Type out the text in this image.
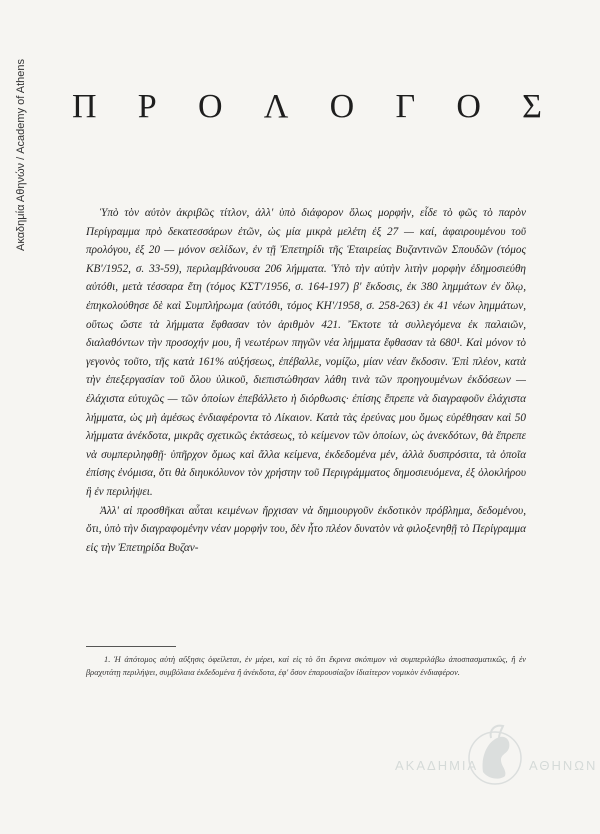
Ακαδημία Αθηνών / Academy of Athens Π Ρ Ο Λ Ο Γ Ο Σ

Ὑπὸ τὸν αὐτὸν ἀκριβῶς τίτλον, ἀλλ' ὑπὸ διάφορον ὅλως μορφήν, εἶδε τὸ φῶς τὸ παρὸν Περίγραμμα πρὸ δεκατεσσάρων ἐτῶν, ὡς μία μικρὰ μελέτη ἐξ 27 — καί, ἀφαιρουμένου τοῦ προλόγου, ἐξ 20 — μόνον σελίδων, ἐν τῇ Ἐπετηρίδι τῆς Ἑταιρείας Βυζαντινῶν Σπουδῶν (τόμος ΚΒ'/1952, σ. 33-59), περιλαμβάνουσα 206 λήμματα. Ὑπὸ τὴν αὐτὴν λιτὴν μορφὴν ἐδημοσιεύθη αὐτόθι, μετὰ τέσσαρα ἔτη (τόμος ΚΣΤ'/1956, σ. 164-197) β' ἔκδοσις, ἐκ 380 λημμάτων ἐν ὅλῳ, ἐπηκολούθησε δὲ καὶ Συμπλήρωμα (αὐτόθι, τόμος ΚΗ'/1958, σ. 258-263) ἐκ 41 νέων λημμάτων, οὕτως ὥστε τὰ λήμματα ἔφθασαν τὸν ἀριθμὸν 421. Ἔκτοτε τὰ συλλεγόμενα ἐκ παλαιῶν, διαλαθόντων τὴν προσοχήν μου, ἢ νεωτέρων πηγῶν νέα λήμματα ἔφθασαν τὰ 680¹. Καὶ μόνον τὸ γεγονὸς τοῦτο, τῆς κατὰ 161% αὐξήσεως, ἐπέβαλλε, νομίζω, μίαν νέαν ἔκδοσιν. Ἐπὶ πλέον, κατὰ τὴν ἐπεξεργασίαν τοῦ ὅλου ὑλικοῦ, διεπιστώθησαν λάθη τινὰ τῶν προηγουμένων ἐκδόσεων — ἐλάχιστα εὐτυχῶς — τῶν ὁποίων ἐπεβάλλετο ἡ διόρθωσις· ἐπίσης ἔπρεπε νὰ διαγραφοῦν ἐλάχιστα λήμματα, ὡς μὴ ἀμέσως ἐνδιαφέροντα τὸ Λίκαιον. Κατὰ τὰς ἐρεύνας μου ὅμως εὑρέθησαν καὶ 50 λήμματα ἀνέκδοτα, μικρᾶς σχετικῶς ἐκτάσεως, τὸ κείμενον τῶν ὁποίων, ὡς ἀνεκδότων, θὰ ἔπρεπε νὰ συμπεριληφθῇ· ὑπῆρχον ὅμως καὶ ἄλλα κείμενα, ἐκδεδομένα μέν, ἀλλὰ δυσπρόσιτα, τὰ ὁποῖα ἐπίσης ἐνόμισα, ὅτι θὰ διηυκόλυνον τὸν χρήστην τοῦ Περιγράμματος δημοσιευόμενα, ἐξ ὁλοκλήρου ἢ ἐν περιλήψει.

Ἀλλ' αἱ προσθῆκαι αὗται κειμένων ἤρχισαν νὰ δημιουργοῦν ἐκδοτικὸν πρόβλημα, δεδομένου, ὅτι, ὑπὸ τὴν διαγραφομένην νέαν μορφήν του, δὲν ἦτο πλέον δυνατὸν νὰ φιλοξενηθῇ τὸ Περίγραμμα εἰς τὴν Ἐπετηρίδα Βυζαν-

1. Ἡ ἀπότομος αὐτὴ αὔξησις ὀφείλεται, ἐν μέρει, καὶ εἰς τὸ ὅτι ἔκρινα σκόπιμον νὰ συμπεριλάβω ἀποσπασματικῶς, ἢ ἐν βραχυτάτῃ περιλήψει, συμβόλαια ἐκδεδομένα ἢ ἀνέκδοτα, ἐφ' ὅσον ἐπαρουσίαζον ἰδιαίτερον νομικὸν ἐνδιαφέρον.

ΑΚΑΔΗΜΙΑ	ΑΘΗΝΩΝ
